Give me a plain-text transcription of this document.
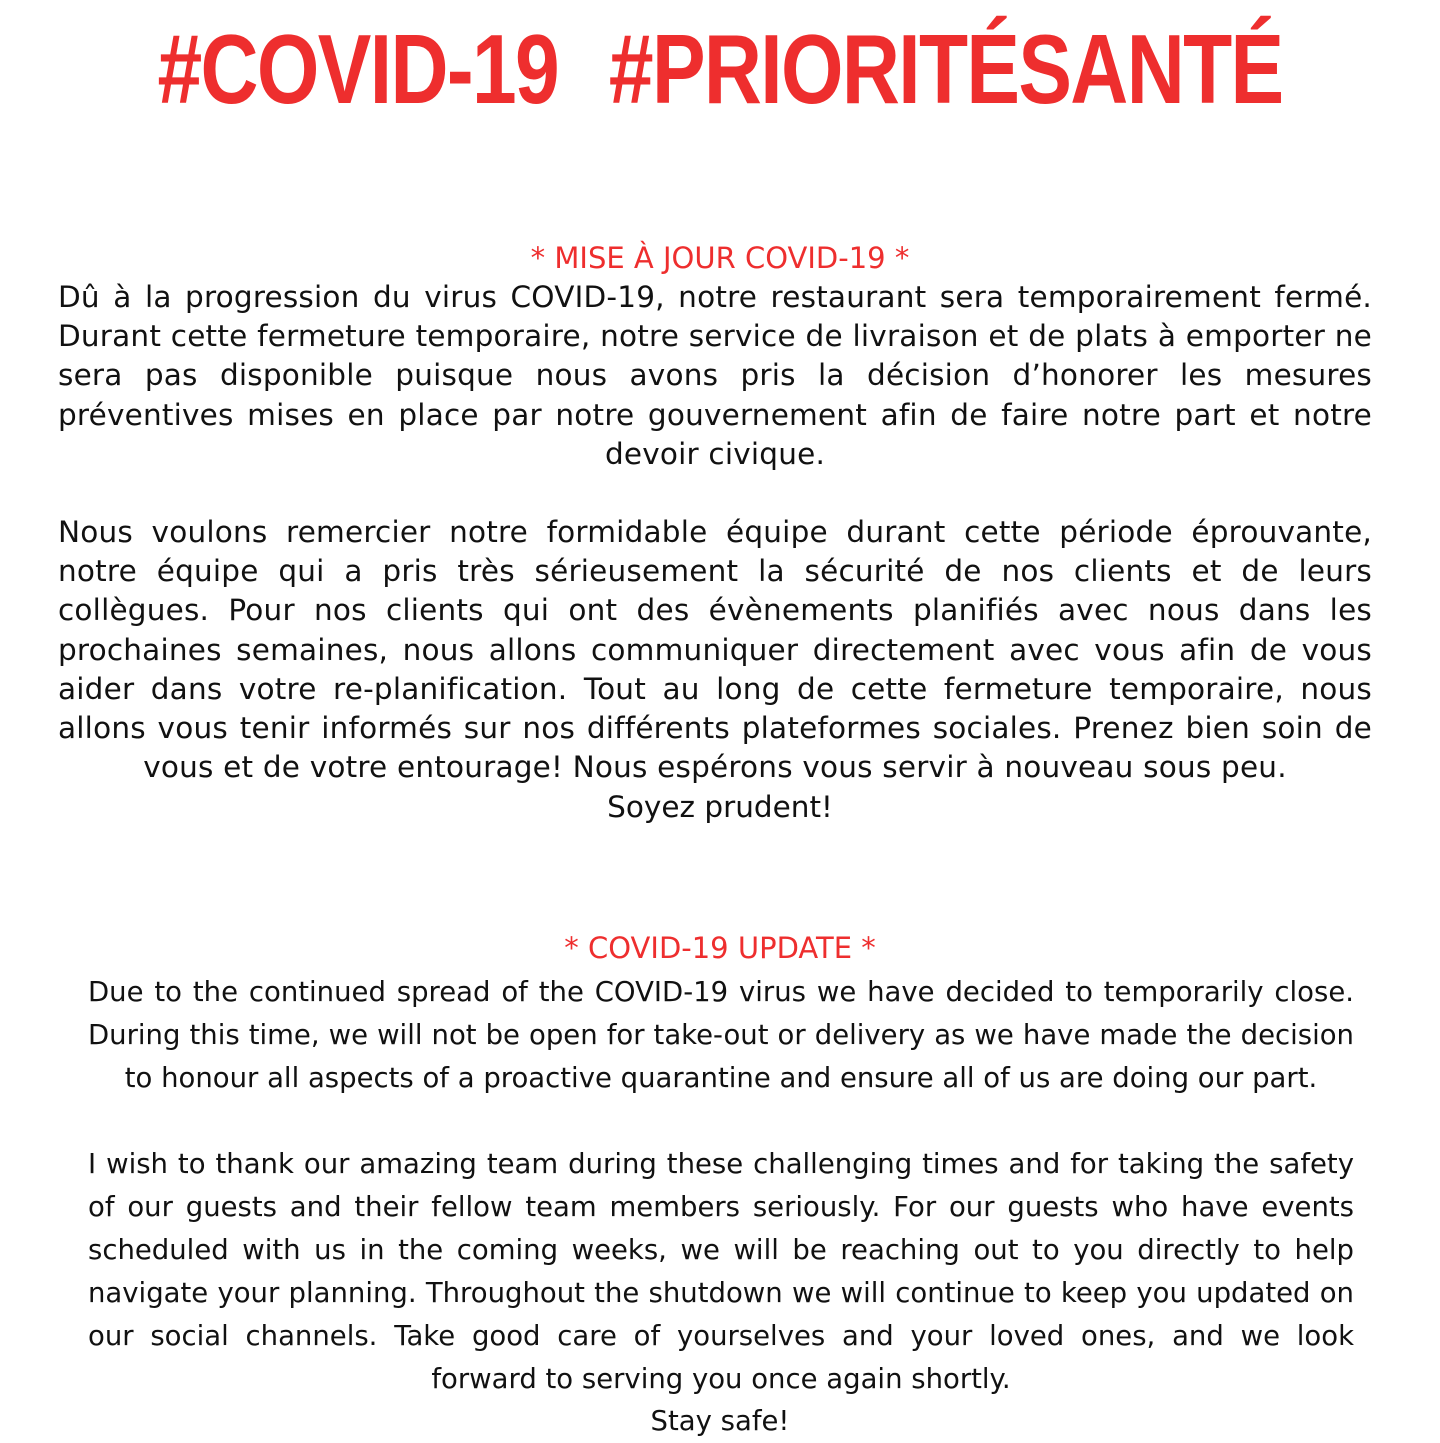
#COVID-19 #PRIORITÉSANTÉ
* MISE À JOUR COVID-19 *

Dû à la progression du virus COVID-19, notre restaurant sera temporairement fermé. Durant cette fermeture temporaire, notre service de livraison et de plats à emporter ne sera pas disponible puisque nous avons pris la décision d’honorer les mesures préventives mises en place par notre gouvernement afin de faire notre part et notre devoir civique.

Nous voulons remercier notre formidable équipe durant cette période éprouvante, notre équipe qui a pris très sérieusement la sécurité de nos clients et de leurs collègues. Pour nos clients qui ont des évènements planifiés avec nous dans les prochaines semaines, nous allons communiquer directement avec vous afin de vous aider dans votre re-planification. Tout au long de cette fermeture temporaire, nous allons vous tenir informés sur nos différents plateformes sociales. Prenez bien soin de vous et de votre entourage! Nous espérons vous servir à nouveau sous peu.

Soyez prudent!
* COVID-19 UPDATE *

Due to the continued spread of the COVID-19 virus we have decided to temporarily close. During this time, we will not be open for take-out or delivery as we have made the decision to honour all aspects of a proactive quarantine and ensure all of us are doing our part.

I wish to thank our amazing team during these challenging times and for taking the safety of our guests and their fellow team members seriously. For our guests who have events scheduled with us in the coming weeks, we will be reaching out to you directly to help navigate your planning. Throughout the shutdown we will continue to keep you updated on our social channels. Take good care of yourselves and your loved ones, and we look forward to serving you once again shortly.

Stay safe!
